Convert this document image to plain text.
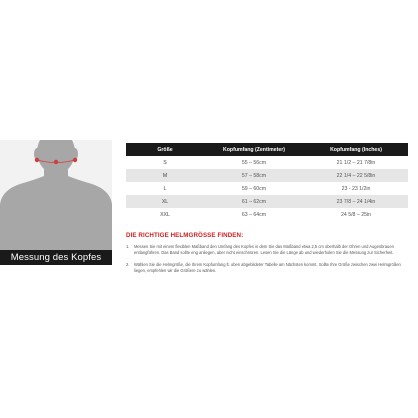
Messung des Kopfes
Größe	Kopfumfang (Zentimeter)	Kopfumfang (Inches)
S	55 – 56cm	21 1/2 – 21 7/8in
M	57 – 58cm	22 1/4 – 22 5/8in
L	59 – 60cm	23 - 23 1/2in
XL	61 – 62cm	23 7/8 – 24 1/4in
XXL	63 – 64cm	24 5/8 – 25in
DIE RICHTIGE HELMGRÖSSE FINDEN:
1.	Messen Sie mit einem flexiblen Maßband den Umfang des Kopfes in dem Sie das Maßband etwa 2,5 cm oberhalb der Ohren und Augenbrauen entlangführen. Das Band sollte eng anliegen, aber nicht einschnüren. Lesen Sie die Länge ab und wiederholen Sie die Messung zur Sicherheit.
2.	Wählen Sie die Helmgröße, die Ihrem Kopfumfang lt. oben abgebildeter Tabelle am Nächsten kommt. Sollte Ihre Größe zwischen zwei Helmgrößen liegen, empfehlen wir die Größere zu wählen.
